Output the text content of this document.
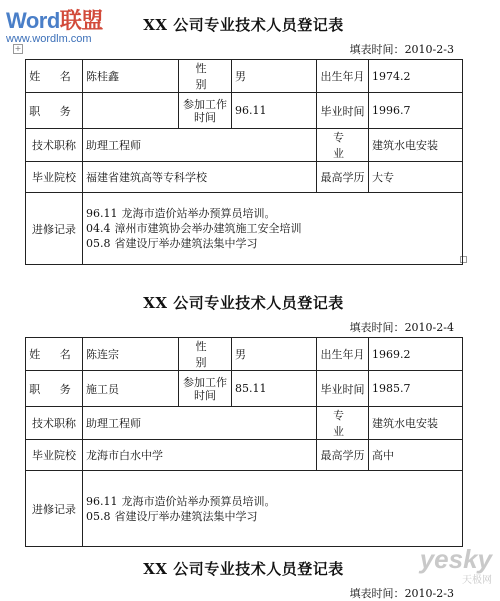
Word联盟
www.wordlm.com
+
XX 公司专业技术人员登记表
填表时间：2010-2-3
姓 名	陈桂鑫	性 别	男	出生年月	1974.2
职 务		参加工作时间	96.11	毕业时间	1996.7
技术职称	助理工程师			专 业	建筑水电安装
毕业院校	福建省建筑高等专科学校			最高学历	大专
进修记录	96.11 龙海市造价站举办预算员培训。
04.4 漳州市建筑协会举办建筑施工安全培训
05.8 省建设厅举办建筑法集中学习				
XX 公司专业技术人员登记表
填表时间：2010-2-4
姓 名	陈连宗	性 别	男	出生年月	1969.2
职 务	施工员	参加工作时间	85.11	毕业时间	1985.7
技术职称	助理工程师			专 业	建筑水电安装
毕业院校	龙海市白水中学			最高学历	高中
进修记录	96.11 龙海市造价站举办预算员培训。
05.8 省建设厅举办建筑法集中学习				
XX 公司专业技术人员登记表
填表时间：2010-2-3
yesky
天极网
